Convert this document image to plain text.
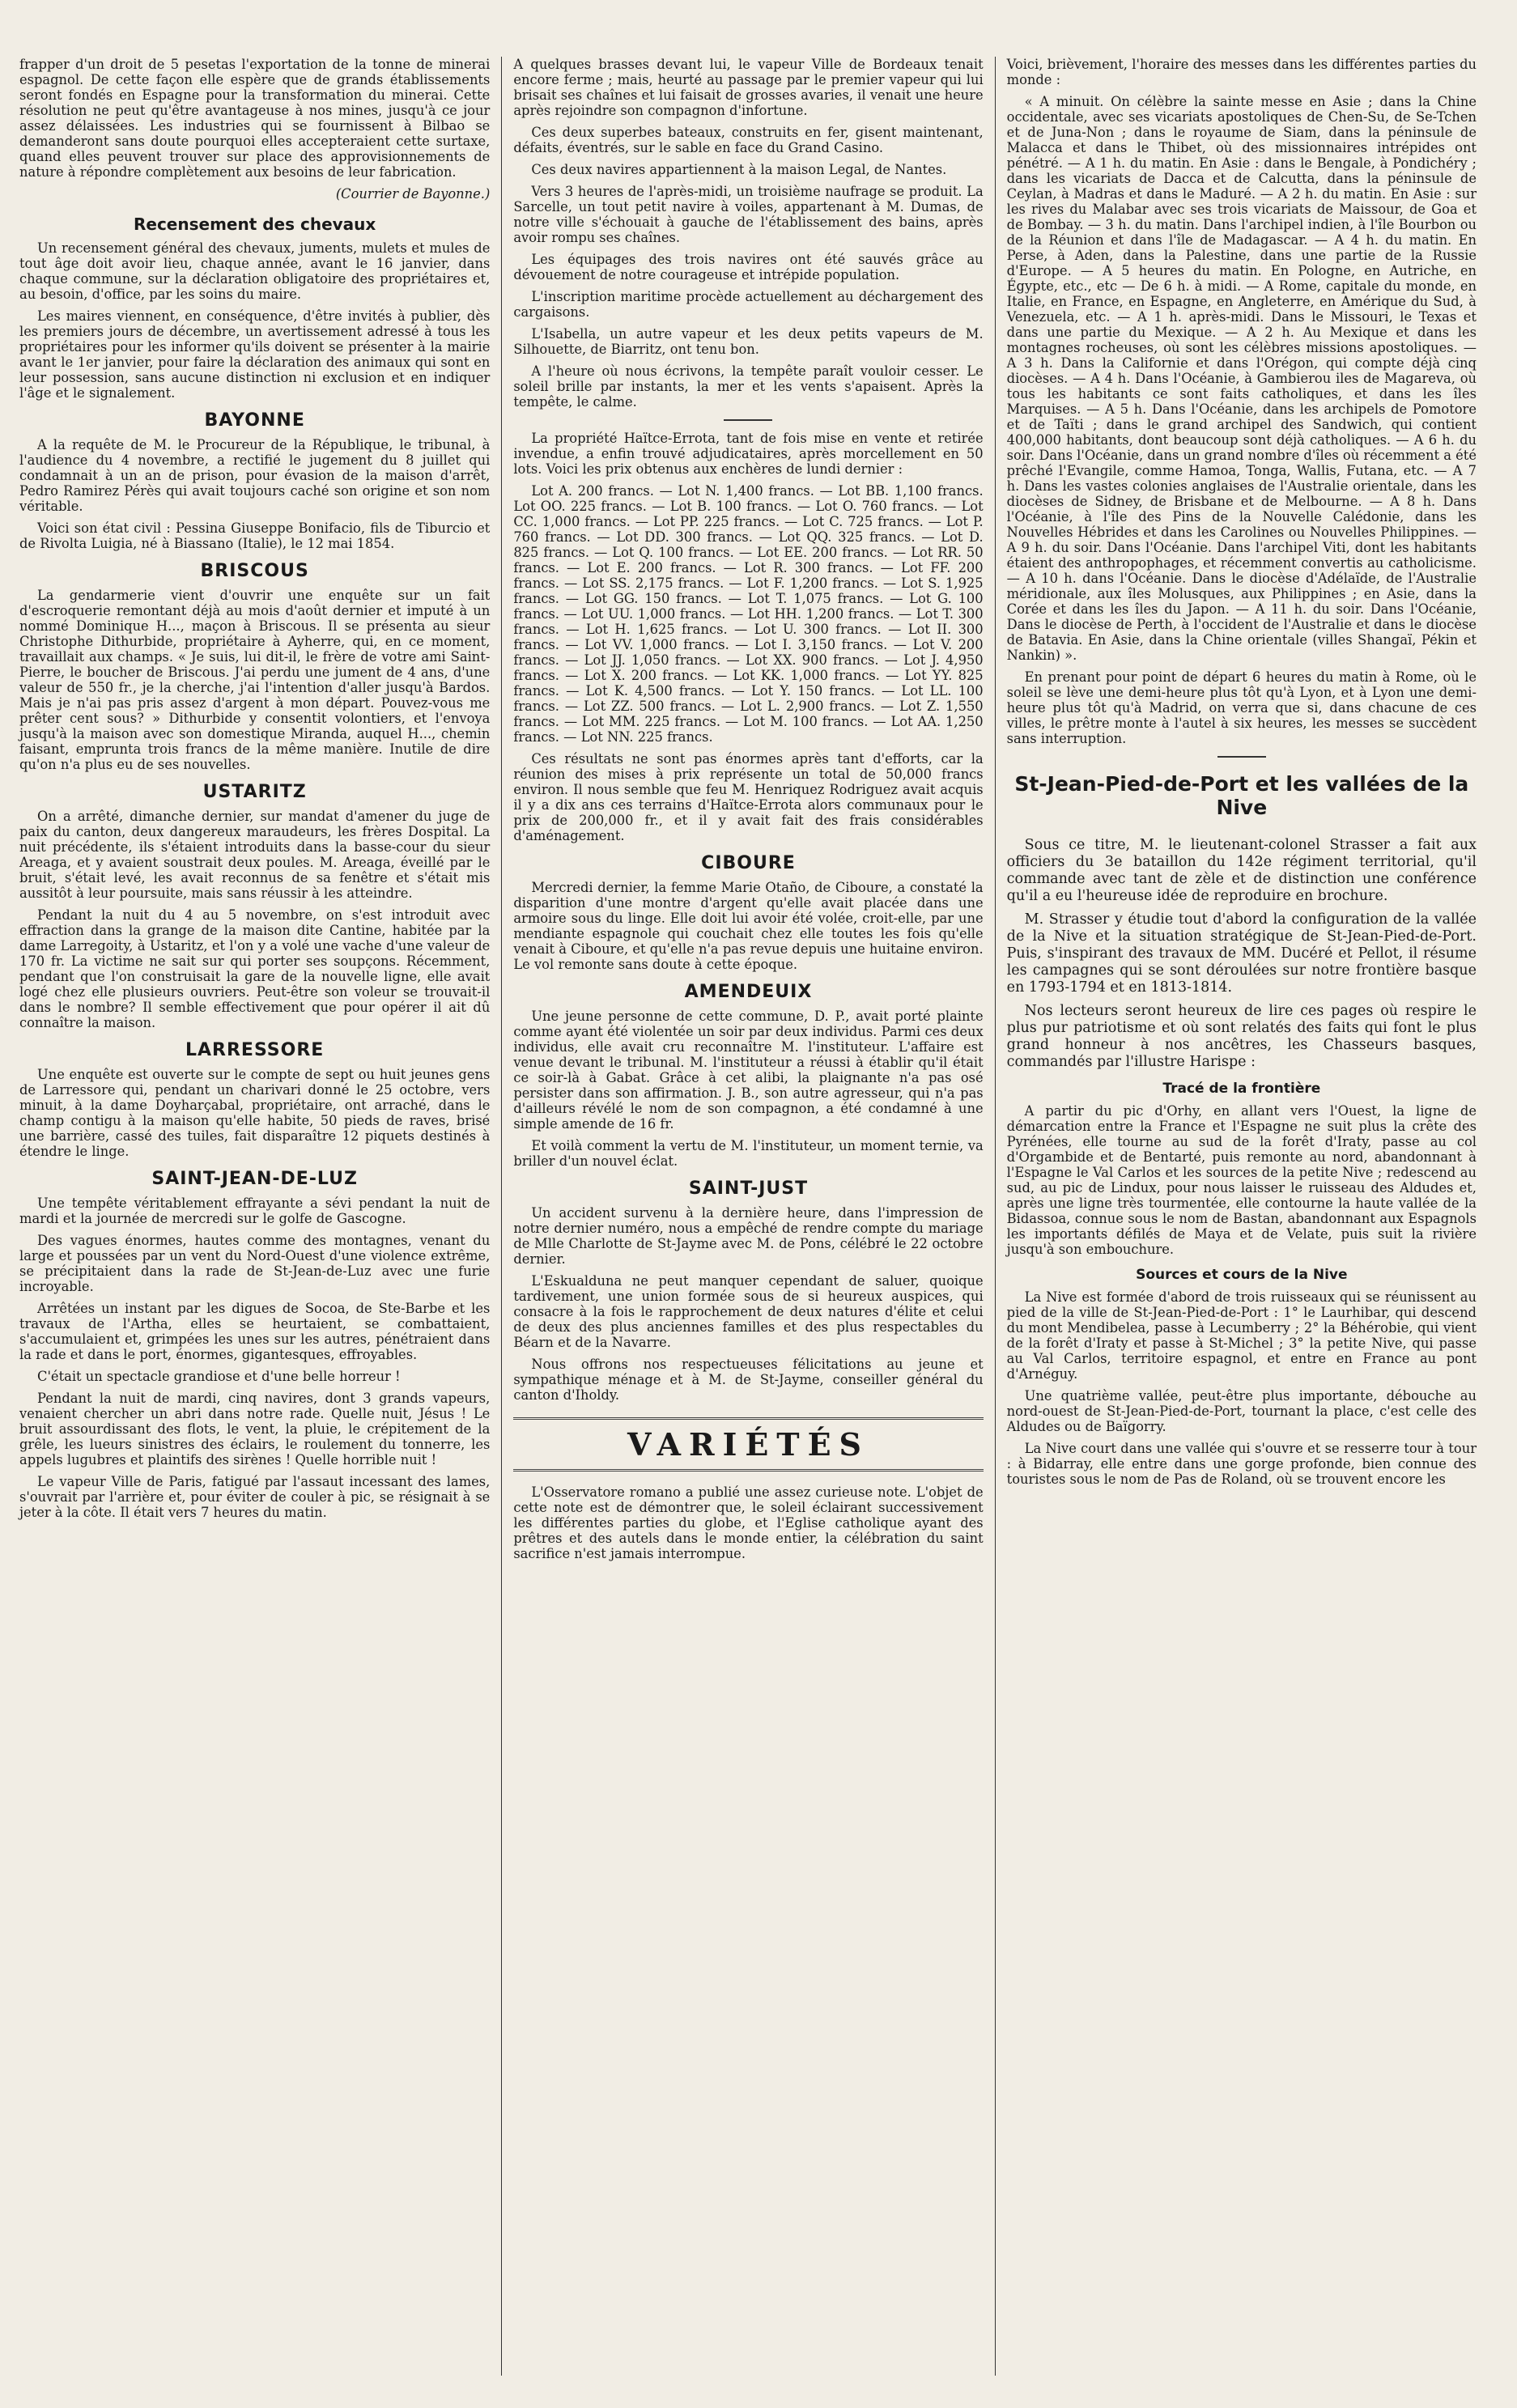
frapper d'un droit de 5 pesetas l'exportation de la tonne de minerai espagnol. De cette façon elle espère que de grands établissements seront fondés en Espagne pour la transformation du minerai. Cette résolution ne peut qu'être avantageuse à nos mines, jusqu'à ce jour assez délaissées. Les industries qui se fournissent à Bilbao se demanderont sans doute pourquoi elles accepteraient cette surtaxe, quand elles peuvent trouver sur place des approvisionnements de nature à répondre complètement aux besoins de leur fabrication.

(Courrier de Bayonne.)

Recensement des chevaux

Un recensement général des chevaux, juments, mulets et mules de tout âge doit avoir lieu, chaque année, avant le 16 janvier, dans chaque commune, sur la déclaration obligatoire des propriétaires et, au besoin, d'office, par les soins du maire.

Les maires viennent, en conséquence, d'être invités à publier, dès les premiers jours de décembre, un avertissement adressé à tous les propriétaires pour les informer qu'ils doivent se présenter à la mairie avant le 1er janvier, pour faire la déclaration des animaux qui sont en leur possession, sans aucune distinction ni exclusion et en indiquer l'âge et le signalement.

BAYONNE

A la requête de M. le Procureur de la République, le tribunal, à l'audience du 4 novembre, a rectifié le jugement du 8 juillet qui condamnait à un an de prison, pour évasion de la maison d'arrêt, Pedro Ramirez Pérès qui avait toujours caché son origine et son nom véritable.

Voici son état civil : Pessina Giuseppe Bonifacio, fils de Tiburcio et de Rivolta Luigia, né à Biassano (Italie), le 12 mai 1854.

BRISCOUS

La gendarmerie vient d'ouvrir une enquête sur un fait d'escroquerie remontant déjà au mois d'août dernier et imputé à un nommé Dominique H..., maçon à Briscous. Il se présenta au sieur Christophe Dithurbide, propriétaire à Ayherre, qui, en ce moment, travaillait aux champs. « Je suis, lui dit-il, le frère de votre ami Saint-Pierre, le boucher de Briscous. J'ai perdu une jument de 4 ans, d'une valeur de 550 fr., je la cherche, j'ai l'intention d'aller jusqu'à Bardos. Mais je n'ai pas pris assez d'argent à mon départ. Pouvez-vous me prêter cent sous? » Dithurbide y consentit volontiers, et l'envoya jusqu'à la maison avec son domestique Miranda, auquel H..., chemin faisant, emprunta trois francs de la même manière. Inutile de dire qu'on n'a plus eu de ses nouvelles.

USTARITZ

On a arrêté, dimanche dernier, sur mandat d'amener du juge de paix du canton, deux dangereux maraudeurs, les frères Dospital. La nuit précédente, ils s'étaient introduits dans la basse-cour du sieur Areaga, et y avaient soustrait deux poules. M. Areaga, éveillé par le bruit, s'était levé, les avait reconnus de sa fenêtre et s'était mis aussitôt à leur poursuite, mais sans réussir à les atteindre.

Pendant la nuit du 4 au 5 novembre, on s'est introduit avec effraction dans la grange de la maison dite Cantine, habitée par la dame Larregoity, à Ustaritz, et l'on y a volé une vache d'une valeur de 170 fr. La victime ne sait sur qui porter ses soupçons. Récemment, pendant que l'on construisait la gare de la nouvelle ligne, elle avait logé chez elle plusieurs ouvriers. Peut-être son voleur se trouvait-il dans le nombre? Il semble effectivement que pour opérer il ait dû connaître la maison.

LARRESSORE

Une enquête est ouverte sur le compte de sept ou huit jeunes gens de Larressore qui, pendant un charivari donné le 25 octobre, vers minuit, à la dame Doyharçabal, propriétaire, ont arraché, dans le champ contigu à la maison qu'elle habite, 50 pieds de raves, brisé une barrière, cassé des tuiles, fait disparaître 12 piquets destinés à étendre le linge.

SAINT-JEAN-DE-LUZ

Une tempête véritablement effrayante a sévi pendant la nuit de mardi et la journée de mercredi sur le golfe de Gascogne.

Des vagues énormes, hautes comme des montagnes, venant du large et poussées par un vent du Nord-Ouest d'une violence extrême, se précipitaient dans la rade de St-Jean-de-Luz avec une furie incroyable.

Arrêtées un instant par les digues de Socoa, de Ste-Barbe et les travaux de l'Artha, elles se heurtaient, se combattaient, s'accumulaient et, grimpées les unes sur les autres, pénétraient dans la rade et dans le port, énormes, gigantesques, effroyables.

C'était un spectacle grandiose et d'une belle horreur !

Pendant la nuit de mardi, cinq navires, dont 3 grands vapeurs, venaient chercher un abri dans notre rade. Quelle nuit, Jésus ! Le bruit assourdissant des flots, le vent, la pluie, le crépitement de la grêle, les lueurs sinistres des éclairs, le roulement du tonnerre, les appels lugubres et plaintifs des sirènes ! Quelle horrible nuit !

Le vapeur Ville de Paris, fatigué par l'assaut incessant des lames, s'ouvrait par l'arrière et, pour éviter de couler à pic, se résignait à se jeter à la côte. Il était vers 7 heures du matin.

A quelques brasses devant lui, le vapeur Ville de Bordeaux tenait encore ferme ; mais, heurté au passage par le premier vapeur qui lui brisait ses chaînes et lui faisait de grosses avaries, il venait une heure après rejoindre son compagnon d'infortune.

Ces deux superbes bateaux, construits en fer, gisent maintenant, défaits, éventrés, sur le sable en face du Grand Casino.

Ces deux navires appartiennent à la maison Legal, de Nantes.

Vers 3 heures de l'après-midi, un troisième naufrage se produit. La Sarcelle, un tout petit navire à voiles, appartenant à M. Dumas, de notre ville s'échouait à gauche de l'établissement des bains, après avoir rompu ses chaînes.

Les équipages des trois navires ont été sauvés grâce au dévouement de notre courageuse et intrépide population.

L'inscription maritime procède actuellement au déchargement des cargaisons.

L'Isabella, un autre vapeur et les deux petits vapeurs de M. Silhouette, de Biarritz, ont tenu bon.

A l'heure où nous écrivons, la tempête paraît vouloir cesser. Le soleil brille par instants, la mer et les vents s'apaisent. Après la tempête, le calme.

La propriété Haïtce-Errota, tant de fois mise en vente et retirée invendue, a enfin trouvé adjudicataires, après morcellement en 50 lots. Voici les prix obtenus aux enchères de lundi dernier :

Lot A. 200 francs. — Lot N. 1,400 francs. — Lot BB. 1,100 francs. Lot OO. 225 francs. — Lot B. 100 francs. — Lot O. 760 francs. — Lot CC. 1,000 francs. — Lot PP. 225 francs. — Lot C. 725 francs. — Lot P. 760 francs. — Lot DD. 300 francs. — Lot QQ. 325 francs. — Lot D. 825 francs. — Lot Q. 100 francs. — Lot EE. 200 francs. — Lot RR. 50 francs. — Lot E. 200 francs. — Lot R. 300 francs. — Lot FF. 200 francs. — Lot SS. 2,175 francs. — Lot F. 1,200 francs. — Lot S. 1,925 francs. — Lot GG. 150 francs. — Lot T. 1,075 francs. — Lot G. 100 francs. — Lot UU. 1,000 francs. — Lot HH. 1,200 francs. — Lot T. 300 francs. — Lot H. 1,625 francs. — Lot U. 300 francs. — Lot II. 300 francs. — Lot VV. 1,000 francs. — Lot I. 3,150 francs. — Lot V. 200 francs. — Lot JJ. 1,050 francs. — Lot XX. 900 francs. — Lot J. 4,950 francs. — Lot X. 200 francs. — Lot KK. 1,000 francs. — Lot YY. 825 francs. — Lot K. 4,500 francs. — Lot Y. 150 francs. — Lot LL. 100 francs. — Lot ZZ. 500 francs. — Lot L. 2,900 francs. — Lot Z. 1,550 francs. — Lot MM. 225 francs. — Lot M. 100 francs. — Lot AA. 1,250 francs. — Lot NN. 225 francs.

Ces résultats ne sont pas énormes après tant d'efforts, car la réunion des mises à prix représente un total de 50,000 francs environ. Il nous semble que feu M. Henriquez Rodriguez avait acquis il y a dix ans ces terrains d'Haïtce-Errota alors communaux pour le prix de 200,000 fr., et il y avait fait des frais considérables d'aménagement.

CIBOURE

Mercredi dernier, la femme Marie Otaño, de Ciboure, a constaté la disparition d'une montre d'argent qu'elle avait placée dans une armoire sous du linge. Elle doit lui avoir été volée, croit-elle, par une mendiante espagnole qui couchait chez elle toutes les fois qu'elle venait à Ciboure, et qu'elle n'a pas revue depuis une huitaine environ. Le vol remonte sans doute à cette époque.

AMENDEUIX

Une jeune personne de cette commune, D. P., avait porté plainte comme ayant été violentée un soir par deux individus. Parmi ces deux individus, elle avait cru reconnaître M. l'instituteur. L'affaire est venue devant le tribunal. M. l'instituteur a réussi à établir qu'il était ce soir-là à Gabat. Grâce à cet alibi, la plaignante n'a pas osé persister dans son affirmation. J. B., son autre agresseur, qui n'a pas d'ailleurs révélé le nom de son compagnon, a été condamné à une simple amende de 16 fr.

Et voilà comment la vertu de M. l'instituteur, un moment ternie, va briller d'un nouvel éclat.

SAINT-JUST

Un accident survenu à la dernière heure, dans l'impression de notre dernier numéro, nous a empêché de rendre compte du mariage de Mlle Charlotte de St-Jayme avec M. de Pons, célébré le 22 octobre dernier.

L'Eskualduna ne peut manquer cependant de saluer, quoique tardivement, une union formée sous de si heureux auspices, qui consacre à la fois le rapprochement de deux natures d'élite et celui de deux des plus anciennes familles et des plus respectables du Béarn et de la Navarre.

Nous offrons nos respectueuses félicitations au jeune et sympathique ménage et à M. de St-Jayme, conseiller général du canton d'Iholdy.

VARIÉTÉS

L'Osservatore romano a publié une assez curieuse note. L'objet de cette note est de démontrer que, le soleil éclairant successivement les différentes parties du globe, et l'Eglise catholique ayant des prêtres et des autels dans le monde entier, la célébration du saint sacrifice n'est jamais interrompue.

Voici, brièvement, l'horaire des messes dans les différentes parties du monde :

« A minuit. On célèbre la sainte messe en Asie ; dans la Chine occidentale, avec ses vicariats apostoliques de Chen-Su, de Se-Tchen et de Juna-Non ; dans le royaume de Siam, dans la péninsule de Malacca et dans le Thibet, où des missionnaires intrépides ont pénétré. — A 1 h. du matin. En Asie : dans le Bengale, à Pondichéry ; dans les vicariats de Dacca et de Calcutta, dans la péninsule de Ceylan, à Madras et dans le Maduré. — A 2 h. du matin. En Asie : sur les rives du Malabar avec ses trois vicariats de Maissour, de Goa et de Bombay. — 3 h. du matin. Dans l'archipel indien, à l'île Bourbon ou de la Réunion et dans l'île de Madagascar. — A 4 h. du matin. En Perse, à Aden, dans la Palestine, dans une partie de la Russie d'Europe. — A 5 heures du matin. En Pologne, en Autriche, en Égypte, etc., etc — De 6 h. à midi. — A Rome, capitale du monde, en Italie, en France, en Espagne, en Angleterre, en Amérique du Sud, à Venezuela, etc. — A 1 h. après-midi. Dans le Missouri, le Texas et dans une partie du Mexique. — A 2 h. Au Mexique et dans les montagnes rocheuses, où sont les célèbres missions apostoliques. — A 3 h. Dans la Californie et dans l'Orégon, qui compte déjà cinq diocèses. — A 4 h. Dans l'Océanie, à Gambierou iles de Magareva, où tous les habitants ce sont faits catholiques, et dans les îles Marquises. — A 5 h. Dans l'Océanie, dans les archipels de Pomotore et de Taïti ; dans le grand archipel des Sandwich, qui contient 400,000 habitants, dont beaucoup sont déjà catholiques. — A 6 h. du soir. Dans l'Océanie, dans un grand nombre d'îles où récemment a été prêché l'Evangile, comme Hamoa, Tonga, Wallis, Futana, etc. — A 7 h. Dans les vastes colonies anglaises de l'Australie orientale, dans les diocèses de Sidney, de Brisbane et de Melbourne. — A 8 h. Dans l'Océanie, à l'île des Pins de la Nouvelle Calédonie, dans les Nouvelles Hébrides et dans les Carolines ou Nouvelles Philippines. — A 9 h. du soir. Dans l'Océanie. Dans l'archipel Viti, dont les habitants étaient des anthropophages, et récemment convertis au catholicisme. — A 10 h. dans l'Océanie. Dans le diocèse d'Adélaïde, de l'Australie méridionale, aux îles Molusques, aux Philippines ; en Asie, dans la Corée et dans les îles du Japon. — A 11 h. du soir. Dans l'Océanie, Dans le diocèse de Perth, à l'occident de l'Australie et dans le diocèse de Batavia. En Asie, dans la Chine orientale (villes Shangaï, Pékin et Nankin) ».

En prenant pour point de départ 6 heures du matin à Rome, où le soleil se lève une demi-heure plus tôt qu'à Lyon, et à Lyon une demi-heure plus tôt qu'à Madrid, on verra que si, dans chacune de ces villes, le prêtre monte à l'autel à six heures, les messes se succèdent sans interruption.

St-Jean-Pied-de-Port et les vallées de la Nive

Sous ce titre, M. le lieutenant-colonel Strasser a fait aux officiers du 3e bataillon du 142e régiment territorial, qu'il commande avec tant de zèle et de distinction une conférence qu'il a eu l'heureuse idée de reproduire en brochure.

M. Strasser y étudie tout d'abord la configuration de la vallée de la Nive et la situation stratégique de St-Jean-Pied-de-Port. Puis, s'inspirant des travaux de MM. Ducéré et Pellot, il résume les campagnes qui se sont déroulées sur notre frontière basque en 1793-1794 et en 1813-1814.

Nos lecteurs seront heureux de lire ces pages où respire le plus pur patriotisme et où sont relatés des faits qui font le plus grand honneur à nos ancêtres, les Chasseurs basques, commandés par l'illustre Harispe :

Tracé de la frontière

A partir du pic d'Orhy, en allant vers l'Ouest, la ligne de démarcation entre la France et l'Espagne ne suit plus la crête des Pyrénées, elle tourne au sud de la forêt d'Iraty, passe au col d'Orgambide et de Bentarté, puis remonte au nord, abandonnant à l'Espagne le Val Carlos et les sources de la petite Nive ; redescend au sud, au pic de Lindux, pour nous laisser le ruisseau des Aldudes et, après une ligne très tourmentée, elle contourne la haute vallée de la Bidassoa, connue sous le nom de Bastan, abandonnant aux Espagnols les importants défilés de Maya et de Velate, puis suit la rivière jusqu'à son embouchure.

Sources et cours de la Nive

La Nive est formée d'abord de trois ruisseaux qui se réunissent au pied de la ville de St-Jean-Pied-de-Port : 1° le Laurhibar, qui descend du mont Mendibelea, passe à Lecumberry ; 2° la Béhérobie, qui vient de la forêt d'Iraty et passe à St-Michel ; 3° la petite Nive, qui passe au Val Carlos, territoire espagnol, et entre en France au pont d'Arnéguy.

Une quatrième vallée, peut-être plus importante, débouche au nord-ouest de St-Jean-Pied-de-Port, tournant la place, c'est celle des Aldudes ou de Baïgorry.

La Nive court dans une vallée qui s'ouvre et se resserre tour à tour : à Bidarray, elle entre dans une gorge profonde, bien connue des touristes sous le nom de Pas de Roland, où se trouvent encore les
